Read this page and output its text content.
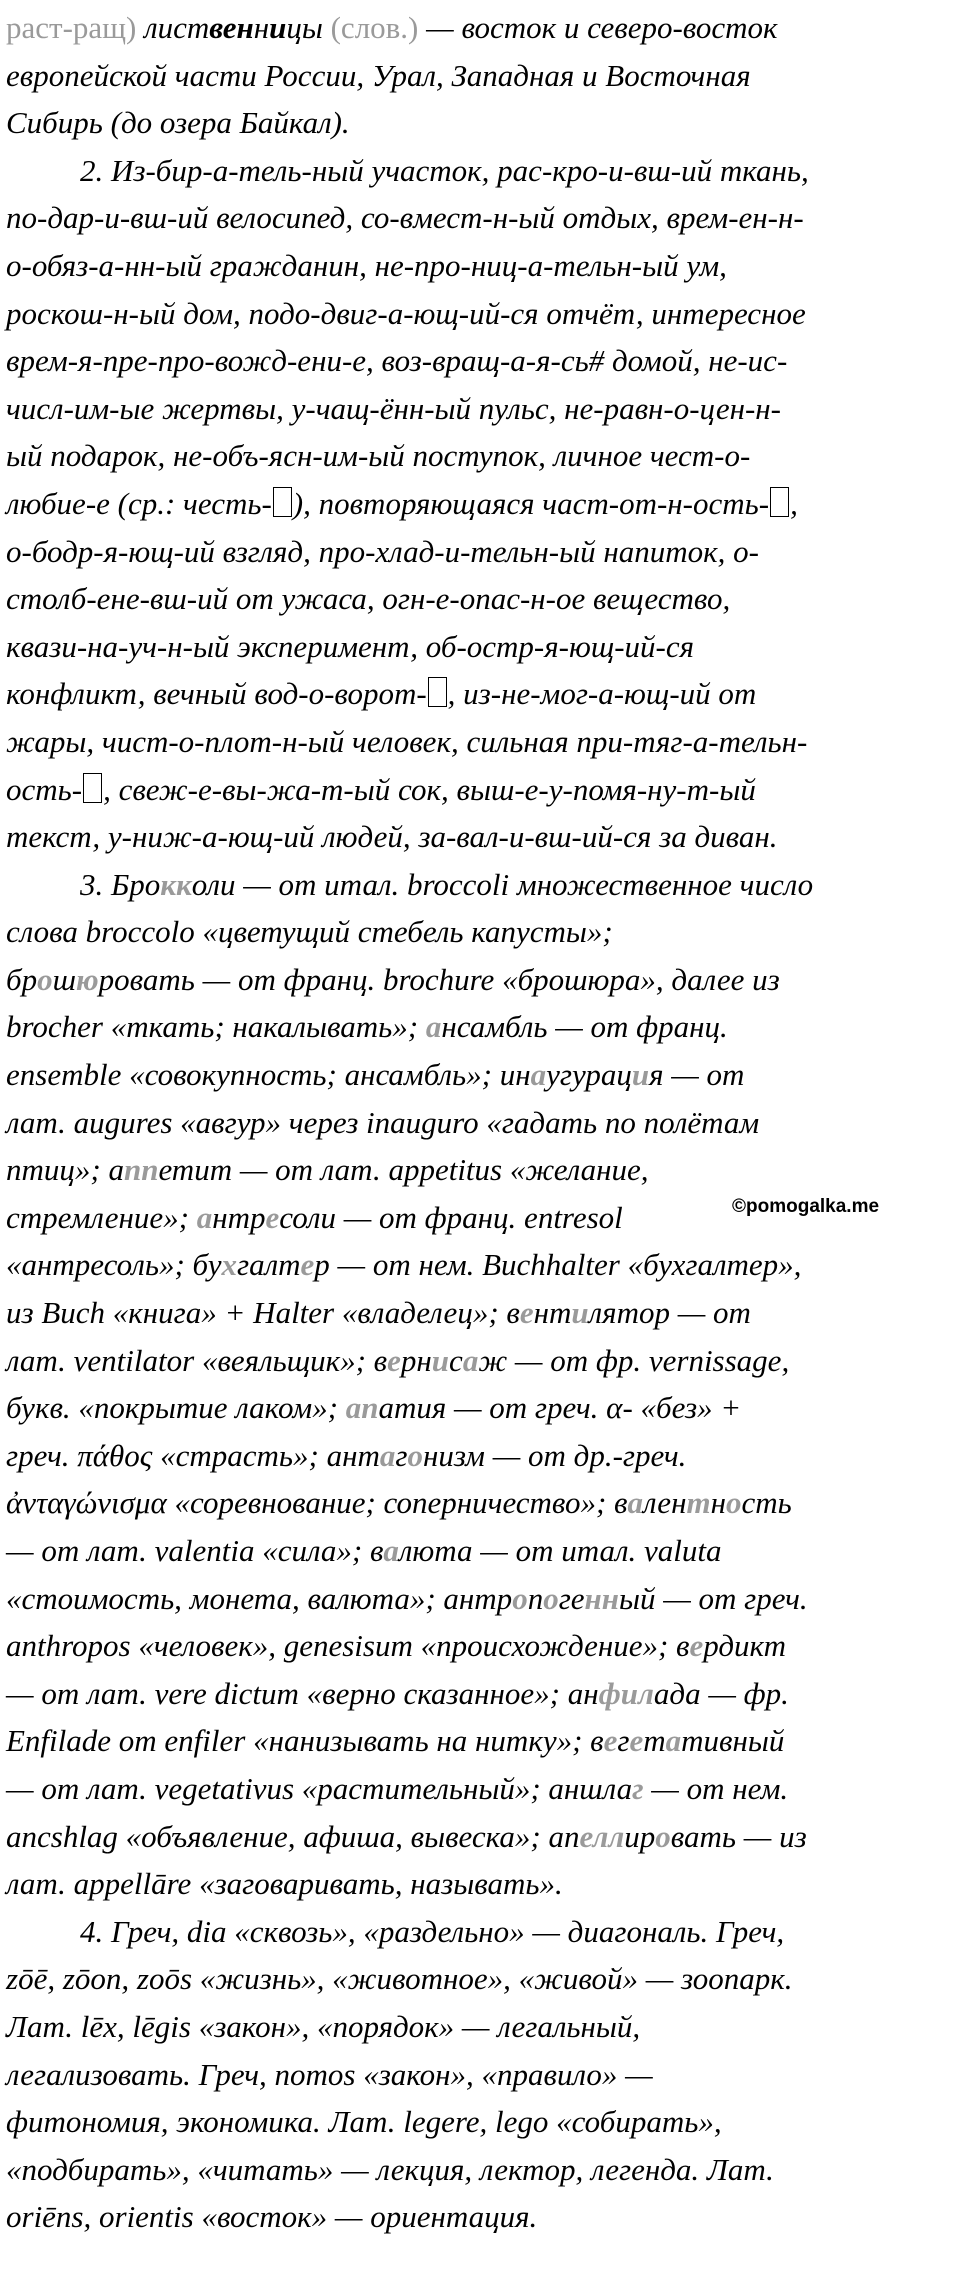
раст-ращ) лиственницы (слов.) — восток и северо-восток
европейской части России, Урал, Западная и Восточная
Сибирь (до озера Байкал).
2. Из-бир-а-тель-ный участок, рас-кро-и-вш-ий ткань,
по-дар-и-вш-ий велосипед, со-вмест-н-ый отдых, врем-ен-н-
о-обяз-а-нн-ый гражданин, не-про-ниц-а-тельн-ый ум,
роскош-н-ый дом, подо-двиг-а-ющ-ий-ся отчёт, интересное
врем-я-пре-про-вожд-ени-е, воз-вращ-а-я-сь# домой, не-ис-
числ-им-ые жертвы, у-чащ-ённ-ый пульс, не-равн-о-цен-н-
ый подарок, не-объ-ясн-им-ый поступок, личное чест-о-
любие-е (ср.: честь- ), повторяющаяся част-от-н-ость- ,
о-бодр-я-ющ-ий взгляд, про-хлад-и-тельн-ый напиток, о-
столб-ене-вш-ий от ужаса, огн-е-опас-н-ое вещество,
квази-на-уч-н-ый эксперимент, об-остр-я-ющ-ий-ся
конфликт, вечный вод-о-ворот- , из-не-мог-а-ющ-ий от
жары, чист-о-плот-н-ый человек, сильная при-тяг-а-тельн-
ость- , свеж-е-вы-жа-т-ый сок, выш-е-у-помя-ну-т-ый
текст, у-ниж-а-ющ-ий людей, за-вал-и-вш-ий-ся за диван.
3. Брокколи — от итал. broccoli множественное число
слова broccolo «цветущий стебель капусты»;
брошюровать — от франц. brochure «брошюра», далее из
brocher «ткать; накалывать»; ансамбль — от франц.
ensemble «совокупность; ансамбль»; инаугурация — от
лат. augures «авгур» через inauguro «гадать по полётам
птиц»; аппетит — от лат. appetitus «желание,
стремление»; антресоли — от франц. entresol
«антресоль»; бухгалтер — от нем. Buchhalter «бухгалтер»,
из Buch «книга» + Halter «владелец»; вентилятор — от
лат. ventilator «веяльщик»; вернисаж — от фр. vernissage,
букв. «покрытие лаком»; апатия — от греч. α- «без» +
греч. πάθος «страсть»; антагонизм — от др.-греч.
ἀνταγώνισμα «соревнование; соперничество»; валентность
— от лат. valentia «сила»; валюта — от итал. valuta
«стоимость, монета, валюта»; антропогенный — от греч.
anthropos «человек», genesisum «происхождение»; вердикт
— от лат. vere dictum «верно сказанное»; анфилада — фр.
Enfilade от enfiler «нанизывать на нитку»; вегетативный
— от лат. vegetativus «растительный»; аншлаг — от нем.
ancshlag «объявление, афиша, вывеска»; апеллировать — из
лат. appellāre «заговаривать, называть».
4. Греч, dia «сквозь», «раздельно» — диагональ. Греч,
zōē, zōon, zoōs «жизнь», «животное», «живой» — зоопарк.
Лат. lēx, lēgis «закон», «порядок» — легальный,
легализовать. Греч, nomos «закон», «правило» —
фитономия, экономика. Лат. legere, lego «собирать»,
«подбирать», «читать» — лекция, лектор, легенда. Лат.
oriēns, orientis «восток» — ориентация.
©pomogalka.me
